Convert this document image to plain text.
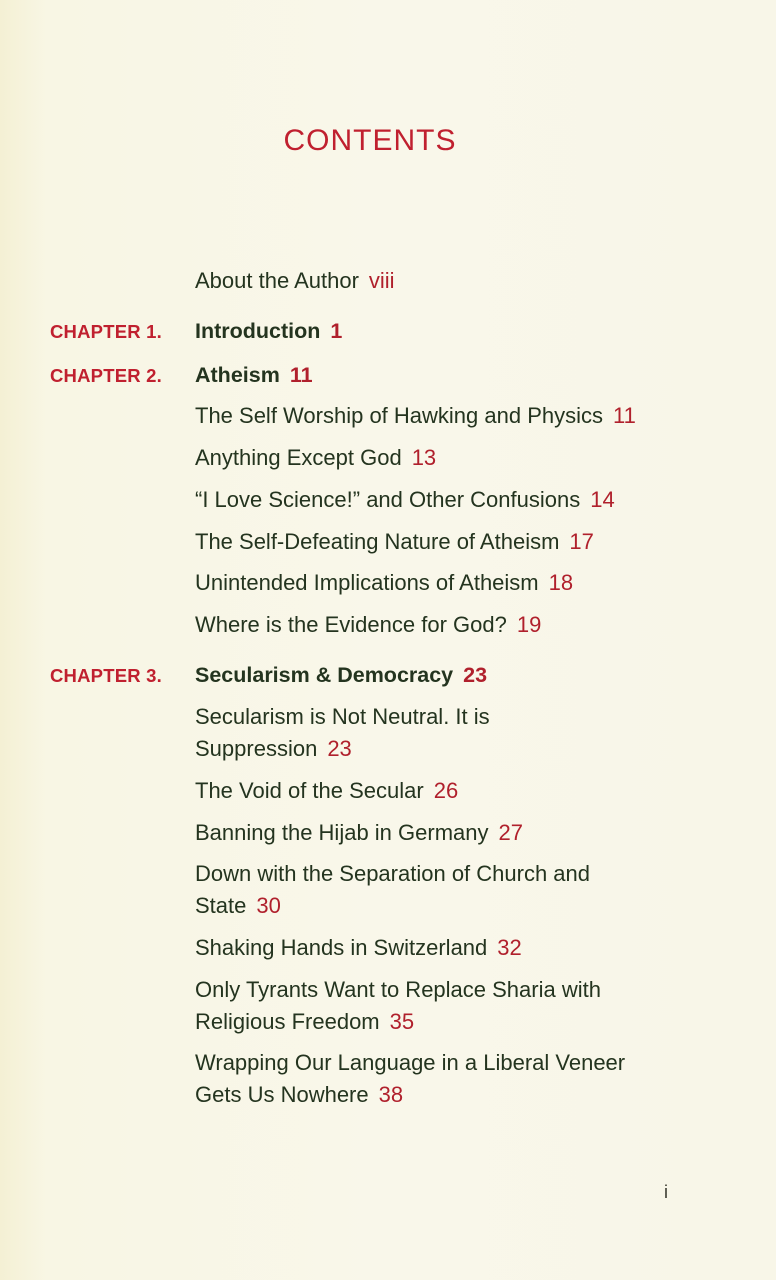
CONTENTS
About the Author viii
CHAPTER 1. Introduction 1
CHAPTER 2. Atheism 11
The Self Worship of Hawking and Physics 11
Anything Except God 13
“I Love Science!” and Other Confusions 14
The Self-Defeating Nature of Atheism 17
Unintended Implications of Atheism 18
Where is the Evidence for God? 19
CHAPTER 3. Secularism & Democracy 23
Secularism is Not Neutral. It is
Suppression 23
The Void of the Secular 26
Banning the Hijab in Germany 27
Down with the Separation of Church and
State 30
Shaking Hands in Switzerland 32
Only Tyrants Want to Replace Sharia with
Religious Freedom 35
Wrapping Our Language in a Liberal Veneer
Gets Us Nowhere 38
i
